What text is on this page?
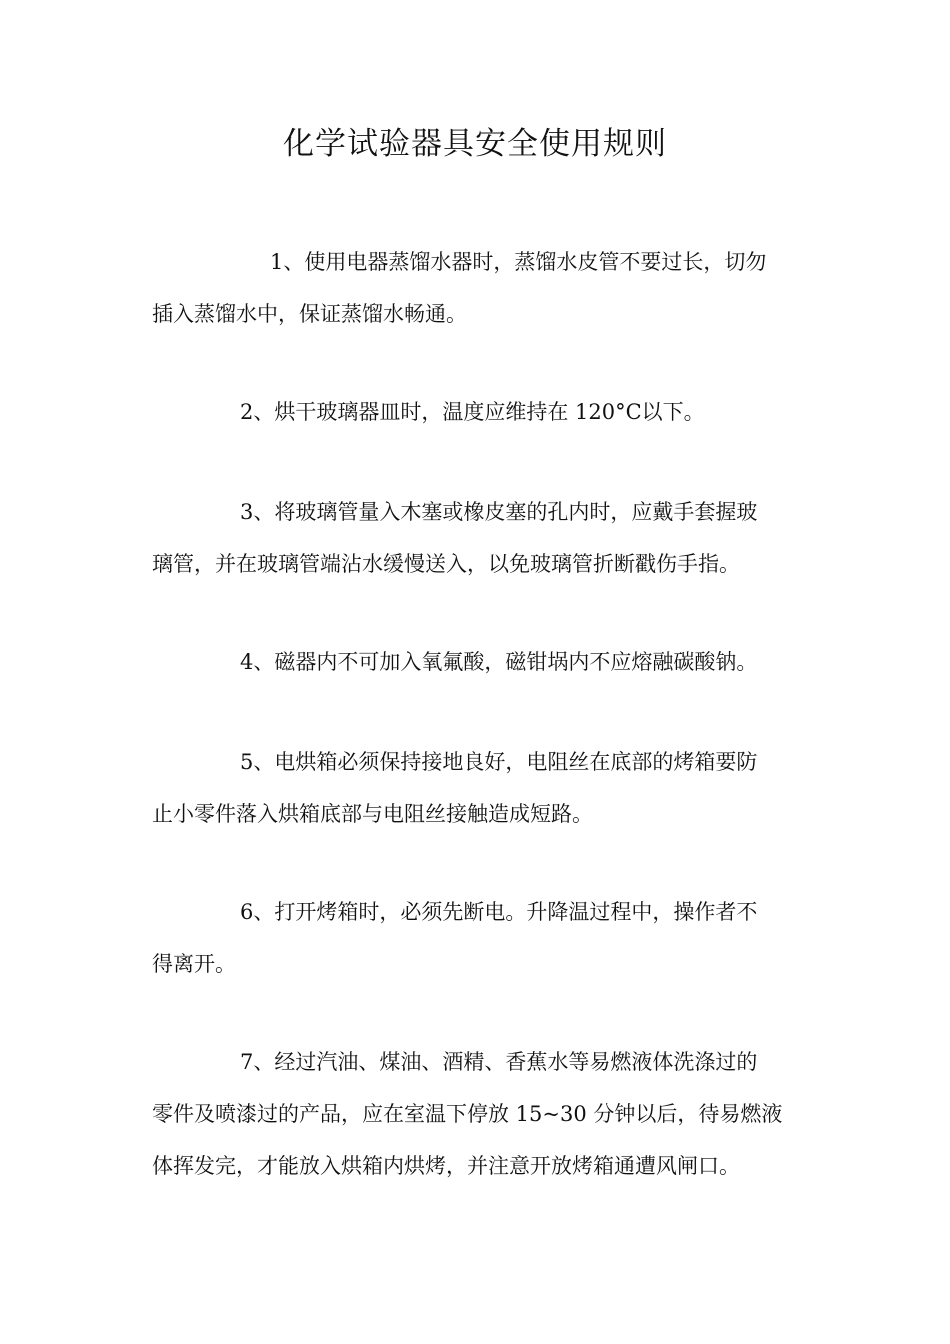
化学试验器具安全使用规则

1、使用电器蒸馏水器时，蒸馏水皮管不要过长，切勿
插入蒸馏水中，保证蒸馏水畅通。

2、烘干玻璃器皿时，温度应维持在 120°C以下。

3、将玻璃管量入木塞或橡皮塞的孔内时，应戴手套握玻
璃管，并在玻璃管端沾水缓慢送入，以免玻璃管折断戳伤手指。

4、磁器内不可加入氧氟酸，磁钳埚内不应熔融碳酸钠。

5、电烘箱必须保持接地良好，电阻丝在底部的烤箱要防
止小零件落入烘箱底部与电阻丝接触造成短路。

6、打开烤箱时，必须先断电。升降温过程中，操作者不
得离开。

7、经过汽油、煤油、酒精、香蕉水等易燃液体洗涤过的
零件及喷漆过的产品，应在室温下停放 15~30 分钟以后，待易燃液
体挥发完，才能放入烘箱内烘烤，并注意开放烤箱通遭风闸口。
